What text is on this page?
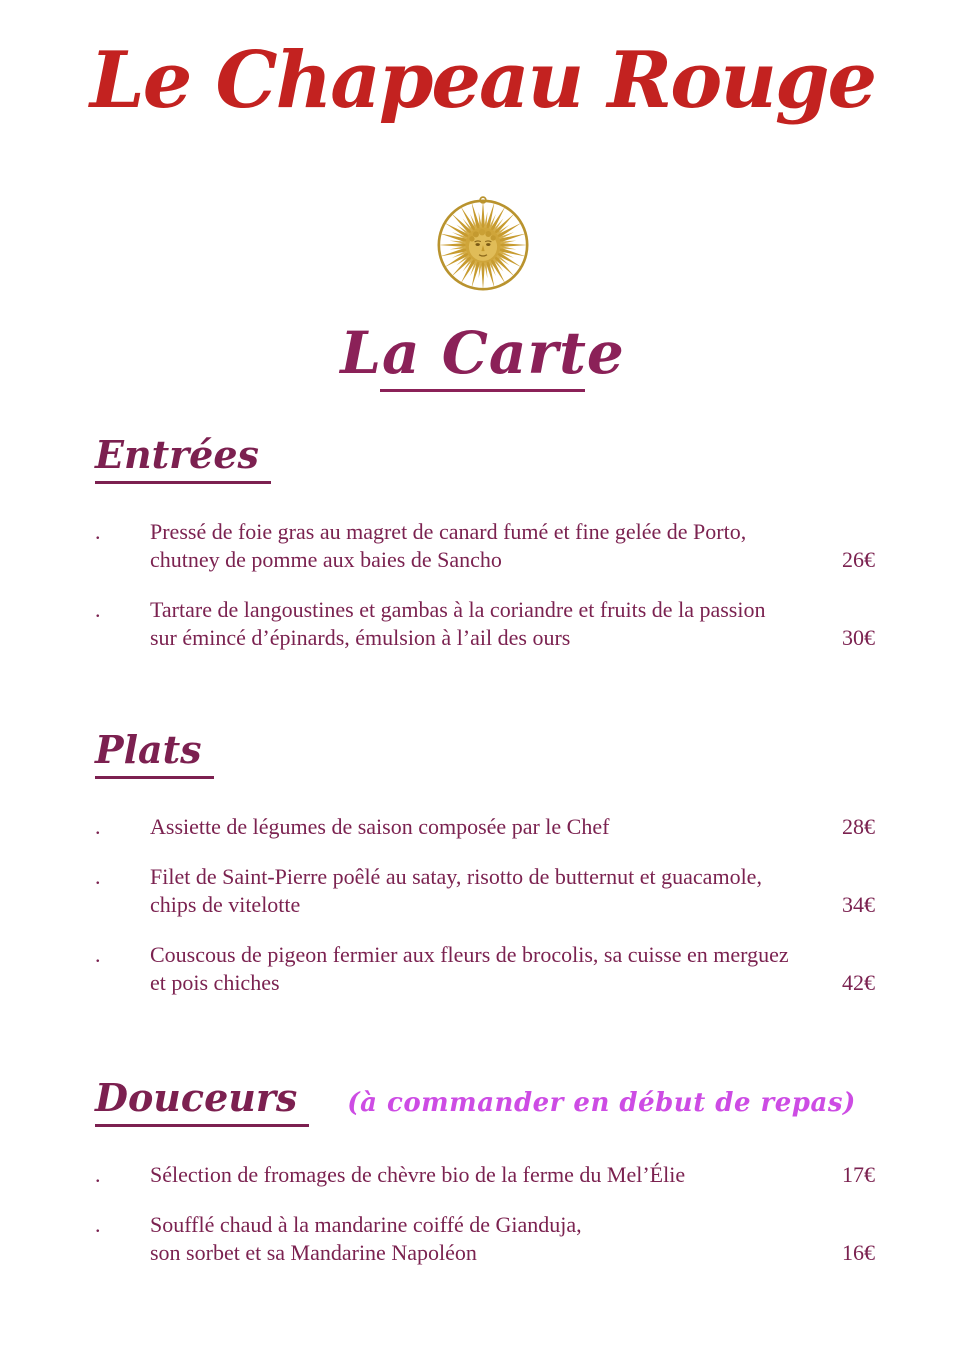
Le Chapeau Rouge
La Carte
Entrées
.	Pressé de foie gras au magret de canard fumé et fine gelée de Porto,
chutney de pomme aux baies de Sancho	26€
.	Tartare de langoustines et gambas à la coriandre et fruits de la passion
sur émincé d’épinards, émulsion à l’ail des ours	30€
Plats
.	Assiette de légumes de saison composée par le Chef	28€
.	Filet de Saint-Pierre poêlé au satay, risotto de butternut et guacamole,
chips de vitelotte	34€
.	Couscous de pigeon fermier aux fleurs de brocolis, sa cuisse en merguez
et pois chiches	42€
Douceurs	(à commander en début de repas)
.	Sélection de fromages de chèvre bio de la ferme du Mel’Élie	17€
.	Soufflé chaud à la mandarine coiffé de Gianduja,
son sorbet et sa Mandarine Napoléon	16€
